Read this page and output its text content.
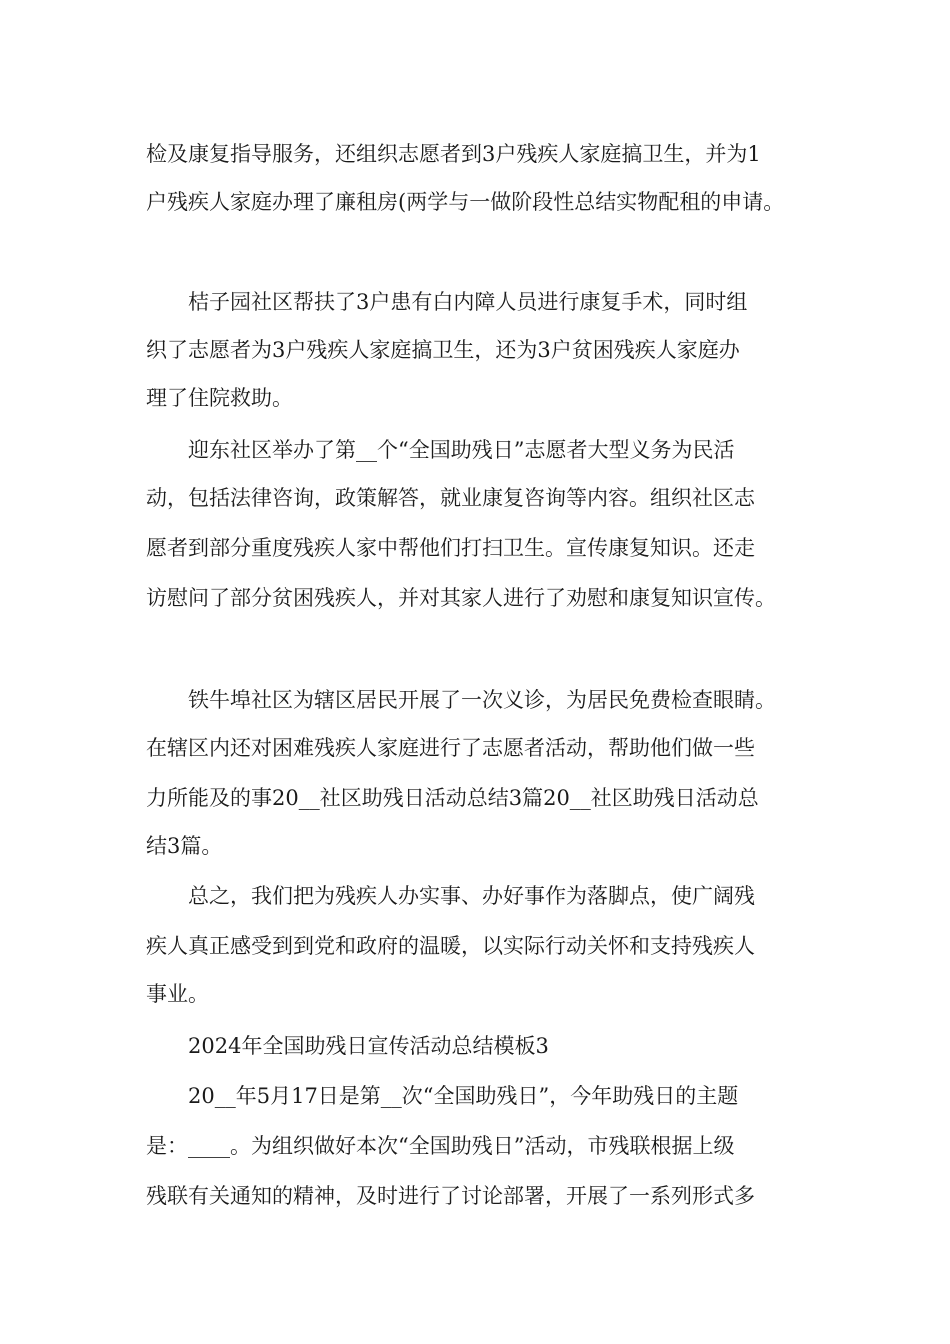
检及康复指导服务，还组织志愿者到3户残疾人家庭搞卫生，并为1
户残疾人家庭办理了廉租房(两学与一做阶段性总结实物配租的申请。
桔子园社区帮扶了3户患有白内障人员进行康复手术，同时组
织了志愿者为3户残疾人家庭搞卫生，还为3户贫困残疾人家庭办
理了住院救助。
迎东社区举办了第__个“全国助残日”志愿者大型义务为民活
动，包括法律咨询，政策解答，就业康复咨询等内容。组织社区志
愿者到部分重度残疾人家中帮他们打扫卫生。宣传康复知识。还走
访慰问了部分贫困残疾人，并对其家人进行了劝慰和康复知识宣传。
铁牛埠社区为辖区居民开展了一次义诊，为居民免费检查眼睛。
在辖区内还对困难残疾人家庭进行了志愿者活动，帮助他们做一些
力所能及的事20__社区助残日活动总结3篇20__社区助残日活动总
结3篇。
总之，我们把为残疾人办实事、办好事作为落脚点，使广阔残
疾人真正感受到到党和政府的温暖，以实际行动关怀和支持残疾人
事业。
2024年全国助残日宣传活动总结模板3
20__年5月17日是第__次“全国助残日”，今年助残日的主题
是：____。为组织做好本次“全国助残日”活动，市残联根据上级
残联有关通知的精神，及时进行了讨论部署，开展了一系列形式多
